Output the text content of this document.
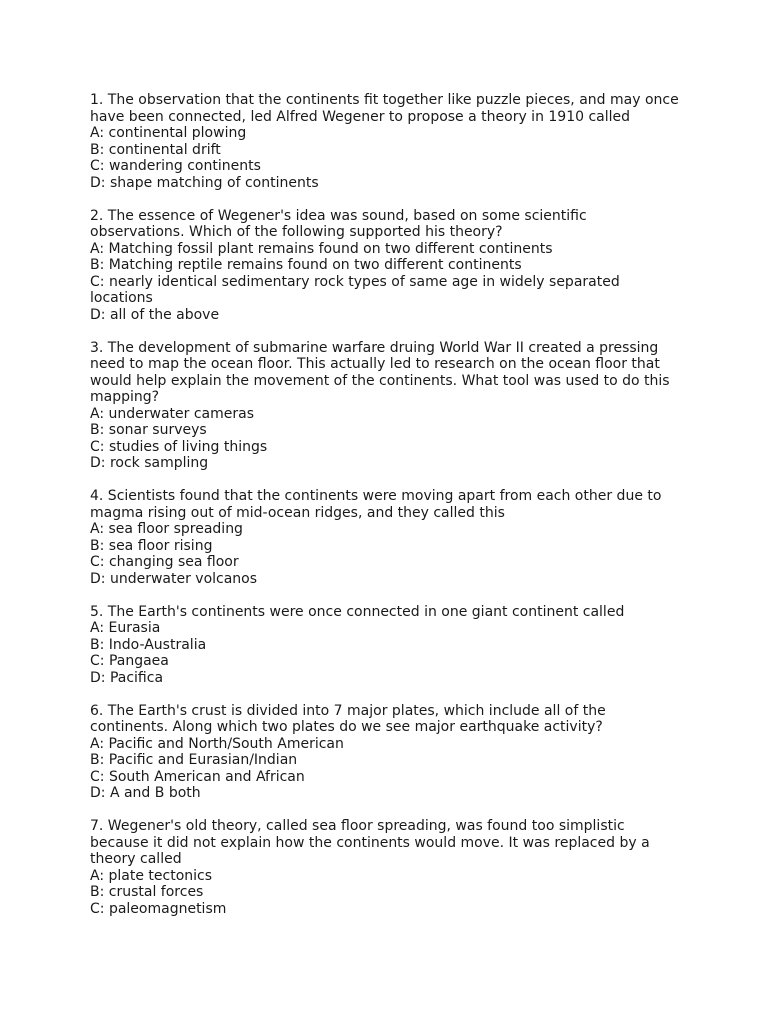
1. The observation that the continents fit together like puzzle pieces, and may once

have been connected, led Alfred Wegener to propose a theory in 1910 called

A: continental plowing

B: continental drift

C: wandering continents

D: shape matching of continents

2. The essence of Wegener's idea was sound, based on some scientific

observations. Which of the following supported his theory?

A: Matching fossil plant remains found on two different continents

B: Matching reptile remains found on two different continents

C: nearly identical sedimentary rock types of same age in widely separated

locations

D: all of the above

3. The development of submarine warfare druing World War II created a pressing

need to map the ocean floor. This actually led to research on the ocean floor that

would help explain the movement of the continents. What tool was used to do this

mapping?

A: underwater cameras

B: sonar surveys

C: studies of living things

D: rock sampling

4. Scientists found that the continents were moving apart from each other due to

magma rising out of mid-ocean ridges, and they called this

A: sea floor spreading

B: sea floor rising

C: changing sea floor

D: underwater volcanos

5. The Earth's continents were once connected in one giant continent called

A: Eurasia

B: Indo-Australia

C: Pangaea

D: Pacifica

6. The Earth's crust is divided into 7 major plates, which include all of the

continents. Along which two plates do we see major earthquake activity?

A: Pacific and North/South American

B: Pacific and Eurasian/Indian

C: South American and African

D: A and B both

7. Wegener's old theory, called sea floor spreading, was found too simplistic

because it did not explain how the continents would move. It was replaced by a

theory called

A: plate tectonics

B: crustal forces

C: paleomagnetism
